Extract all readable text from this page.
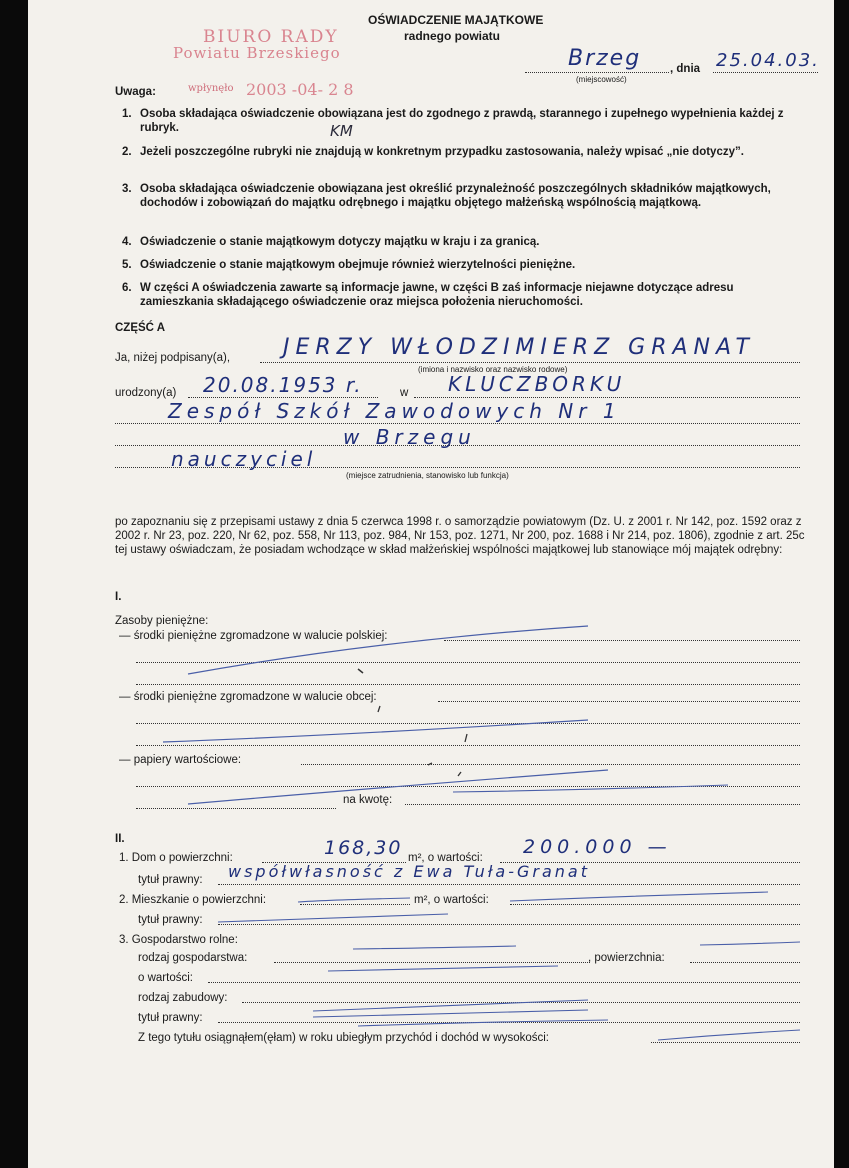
BIURO RADY
Powiatu Brzeskiego
wpłynęło 2003 -04- 2 8
KM
OŚWIADCZENIE MAJĄTKOWE
radnego powiatu
Brzeg	, dnia 25.04.03.
(miejscowość)
Uwaga:
1. Osoba składająca oświadczenie obowiązana jest do zgodnego z prawdą, starannego i zupełnego wypełnienia każdej z rubryk.
2. Jeżeli poszczególne rubryki nie znajdują w konkretnym przypadku zastosowania, należy wpisać „nie dotyczy”.
3. Osoba składająca oświadczenie obowiązana jest określić przynależność poszczególnych składników majątkowych, dochodów i zobowiązań do majątku odrębnego i majątku objętego małżeńską wspólnością majątkową.
4. Oświadczenie o stanie majątkowym dotyczy majątku w kraju i za granicą.
5. Oświadczenie o stanie majątkowym obejmuje również wierzytelności pieniężne.
6. W części A oświadczenia zawarte są informacje jawne, w części B zaś informacje niejawne dotyczące adresu zamieszkania składającego oświadczenie oraz miejsca położenia nieruchomości.
CZĘŚĆ A
Ja, niżej podpisany(a), JERZY WŁODZIMIERZ GRANAT
(imiona i nazwisko oraz nazwisko rodowe)
urodzony(a) 20.08.1953 r.	w KLUCZBORKU
Zespół Szkół Zawodowych Nr 1
w Brzegu
nauczyciel
(miejsce zatrudnienia, stanowisko lub funkcja)
po zapoznaniu się z przepisami ustawy z dnia 5 czerwca 1998 r. o samorządzie powiatowym (Dz. U. z 2001 r. Nr 142, poz. 1592 oraz z 2002 r. Nr 23, poz. 220, Nr 62, poz. 558, Nr 113, poz. 984, Nr 153, poz. 1271, Nr 200, poz. 1688 i Nr 214, poz. 1806), zgodnie z art. 25c tej ustawy oświadczam, że posiadam wchodzące w skład małżeńskiej wspólności majątkowej lub stanowiące mój majątek odrębny:
I.
Zasoby pieniężne:
— środki pieniężne zgromadzone w walucie polskiej:
— środki pieniężne zgromadzone w walucie obcej:
— papiery wartościowe:
na kwotę:
II.
1. Dom o powierzchni:	168,30 m², o wartości: 200.000 —
tytuł prawny: współwłasność z Ewa Tuła-Granat
2. Mieszkanie o powierzchni:	m², o wartości:
tytuł prawny:
3. Gospodarstwo rolne:
rodzaj gospodarstwa:	, powierzchnia:
o wartości:
rodzaj zabudowy:
tytuł prawny:
Z tego tytułu osiągnąłem(ęłam) w roku ubiegłym przychód i dochód w wysokości:
